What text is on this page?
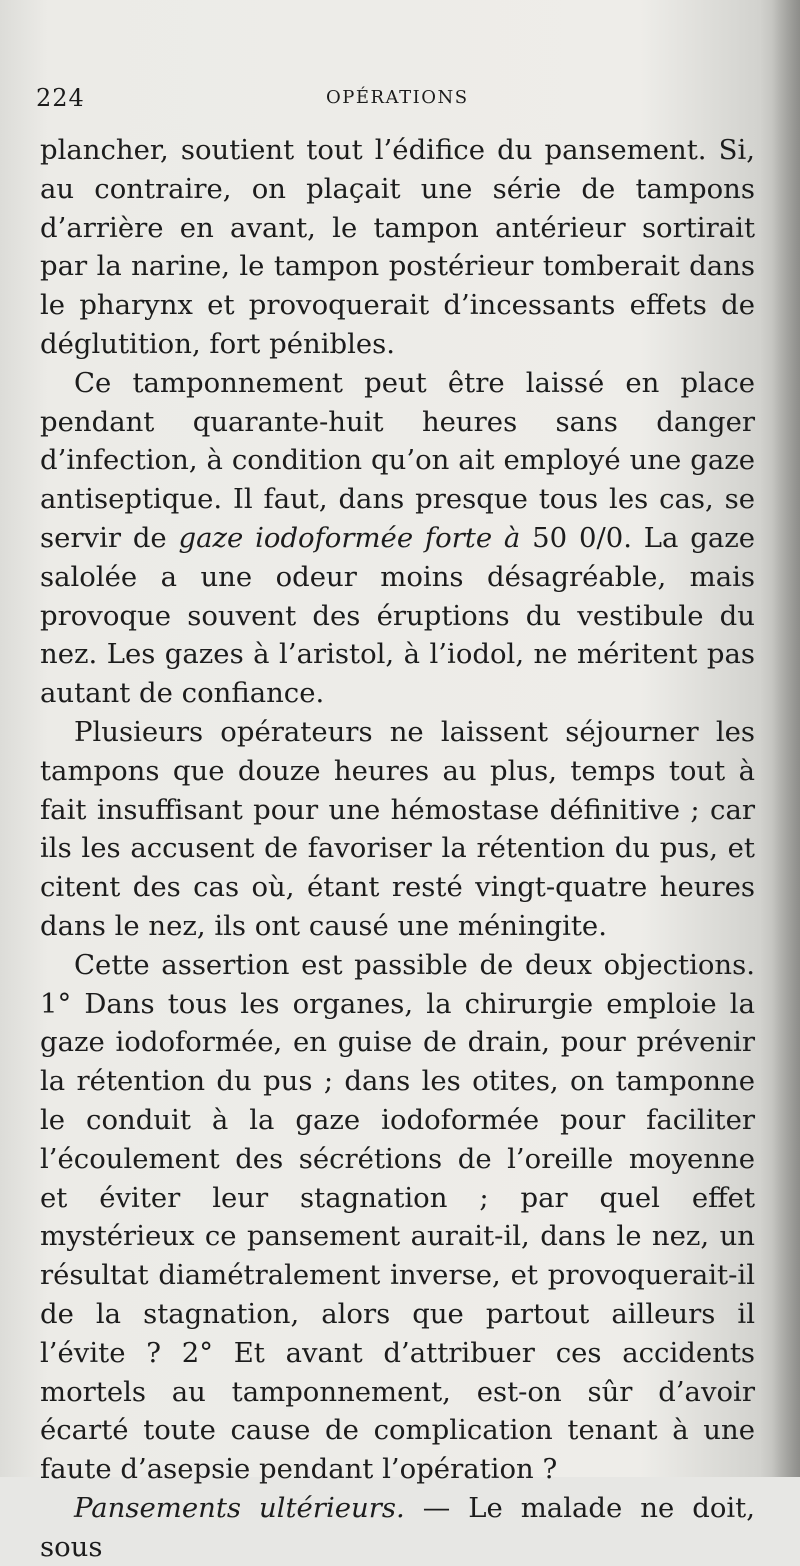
224	OPÉRATIONS

plancher, soutient tout l’édifice du pansement. Si, au contraire, on plaçait une série de tampons d’arrière en avant, le tampon antérieur sortirait par la narine, le tampon postérieur tomberait dans le pharynx et provoquerait d’incessants effets de déglutition, fort pénibles.

Ce tamponnement peut être laissé en place pendant quarante-huit heures sans danger d’infection, à condition qu’on ait employé une gaze antiseptique. Il faut, dans presque tous les cas, se servir de gaze iodoformée forte à 50 0/0. La gaze salolée a une odeur moins désagréable, mais provoque souvent des éruptions du vestibule du nez. Les gazes à l’aristol, à l’iodol, ne méritent pas autant de confiance.

Plusieurs opérateurs ne laissent séjourner les tampons que douze heures au plus, temps tout à fait insuffisant pour une hémostase définitive ; car ils les accusent de favoriser la rétention du pus, et citent des cas où, étant resté vingt-quatre heures dans le nez, ils ont causé une méningite.

Cette assertion est passible de deux objections. 1° Dans tous les organes, la chirurgie emploie la gaze iodoformée, en guise de drain, pour prévenir la rétention du pus ; dans les otites, on tamponne le conduit à la gaze iodoformée pour faciliter l’écoulement des sécrétions de l’oreille moyenne et éviter leur stagnation ; par quel effet mystérieux ce pansement aurait-il, dans le nez, un résultat diamétralement inverse, et provoquerait-il de la stagnation, alors que partout ailleurs il l’évite ? 2° Et avant d’attribuer ces accidents mortels au tamponnement, est-on sûr d’avoir écarté toute cause de complication tenant à une faute d’asepsie pendant l’opération ?

Pansements ultérieurs. — Le malade ne doit, sous
